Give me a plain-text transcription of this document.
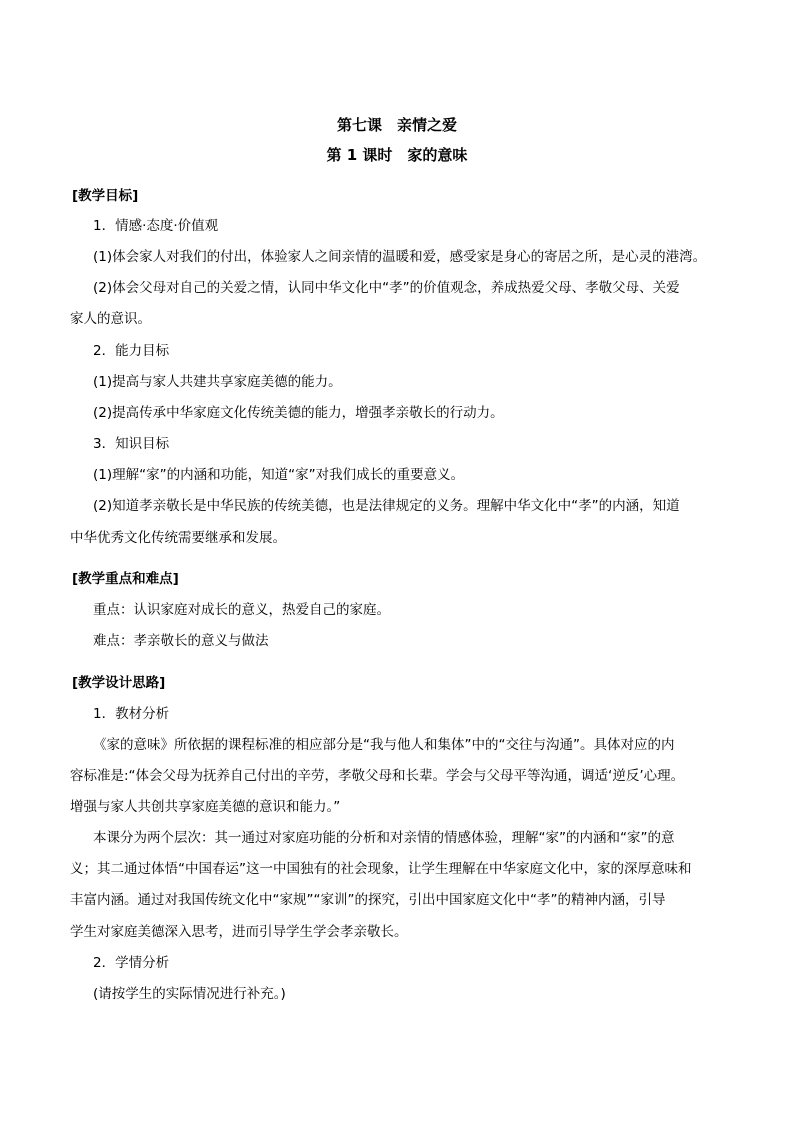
第七课　亲情之爱
第 1 课时　家的意味
[教学目标]
1．情感·态度·价值观
(1)体会家人对我们的付出，体验家人之间亲情的温暖和爱，感受家是身心的寄居之所，是心灵的港湾。
(2)体会父母对自己的关爱之情，认同中华文化中“孝”的价值观念，养成热爱父母、孝敬父母、关爱
家人的意识。
2．能力目标
(1)提高与家人共建共享家庭美德的能力。
(2)提高传承中华家庭文化传统美德的能力，增强孝亲敬长的行动力。
3．知识目标
(1)理解“家”的内涵和功能，知道“家”对我们成长的重要意义。
(2)知道孝亲敬长是中华民族的传统美德，也是法律规定的义务。理解中华文化中“孝”的内涵，知道
中华优秀文化传统需要继承和发展。
[教学重点和难点]
重点：认识家庭对成长的意义，热爱自己的家庭。
难点：孝亲敬长的意义与做法
[教学设计思路]
1．教材分析
《家的意味》所依据的课程标准的相应部分是“我与他人和集体”中的“交往与沟通”。具体对应的内
容标准是:“体会父母为抚养自己付出的辛劳，孝敬父母和长辈。学会与父母平等沟通，调适‘逆反’心理。
增强与家人共创共享家庭美德的意识和能力。”
本课分为两个层次：其一通过对家庭功能的分析和对亲情的情感体验，理解“家”的内涵和“家”的意
义；其二通过体悟“中国春运”这一中国独有的社会现象，让学生理解在中华家庭文化中，家的深厚意味和
丰富内涵。通过对我国传统文化中“家规”“家训”的探究，引出中国家庭文化中“孝”的精神内涵，引导
学生对家庭美德深入思考，进而引导学生学会孝亲敬长。
2．学情分析
(请按学生的实际情况进行补充。)
